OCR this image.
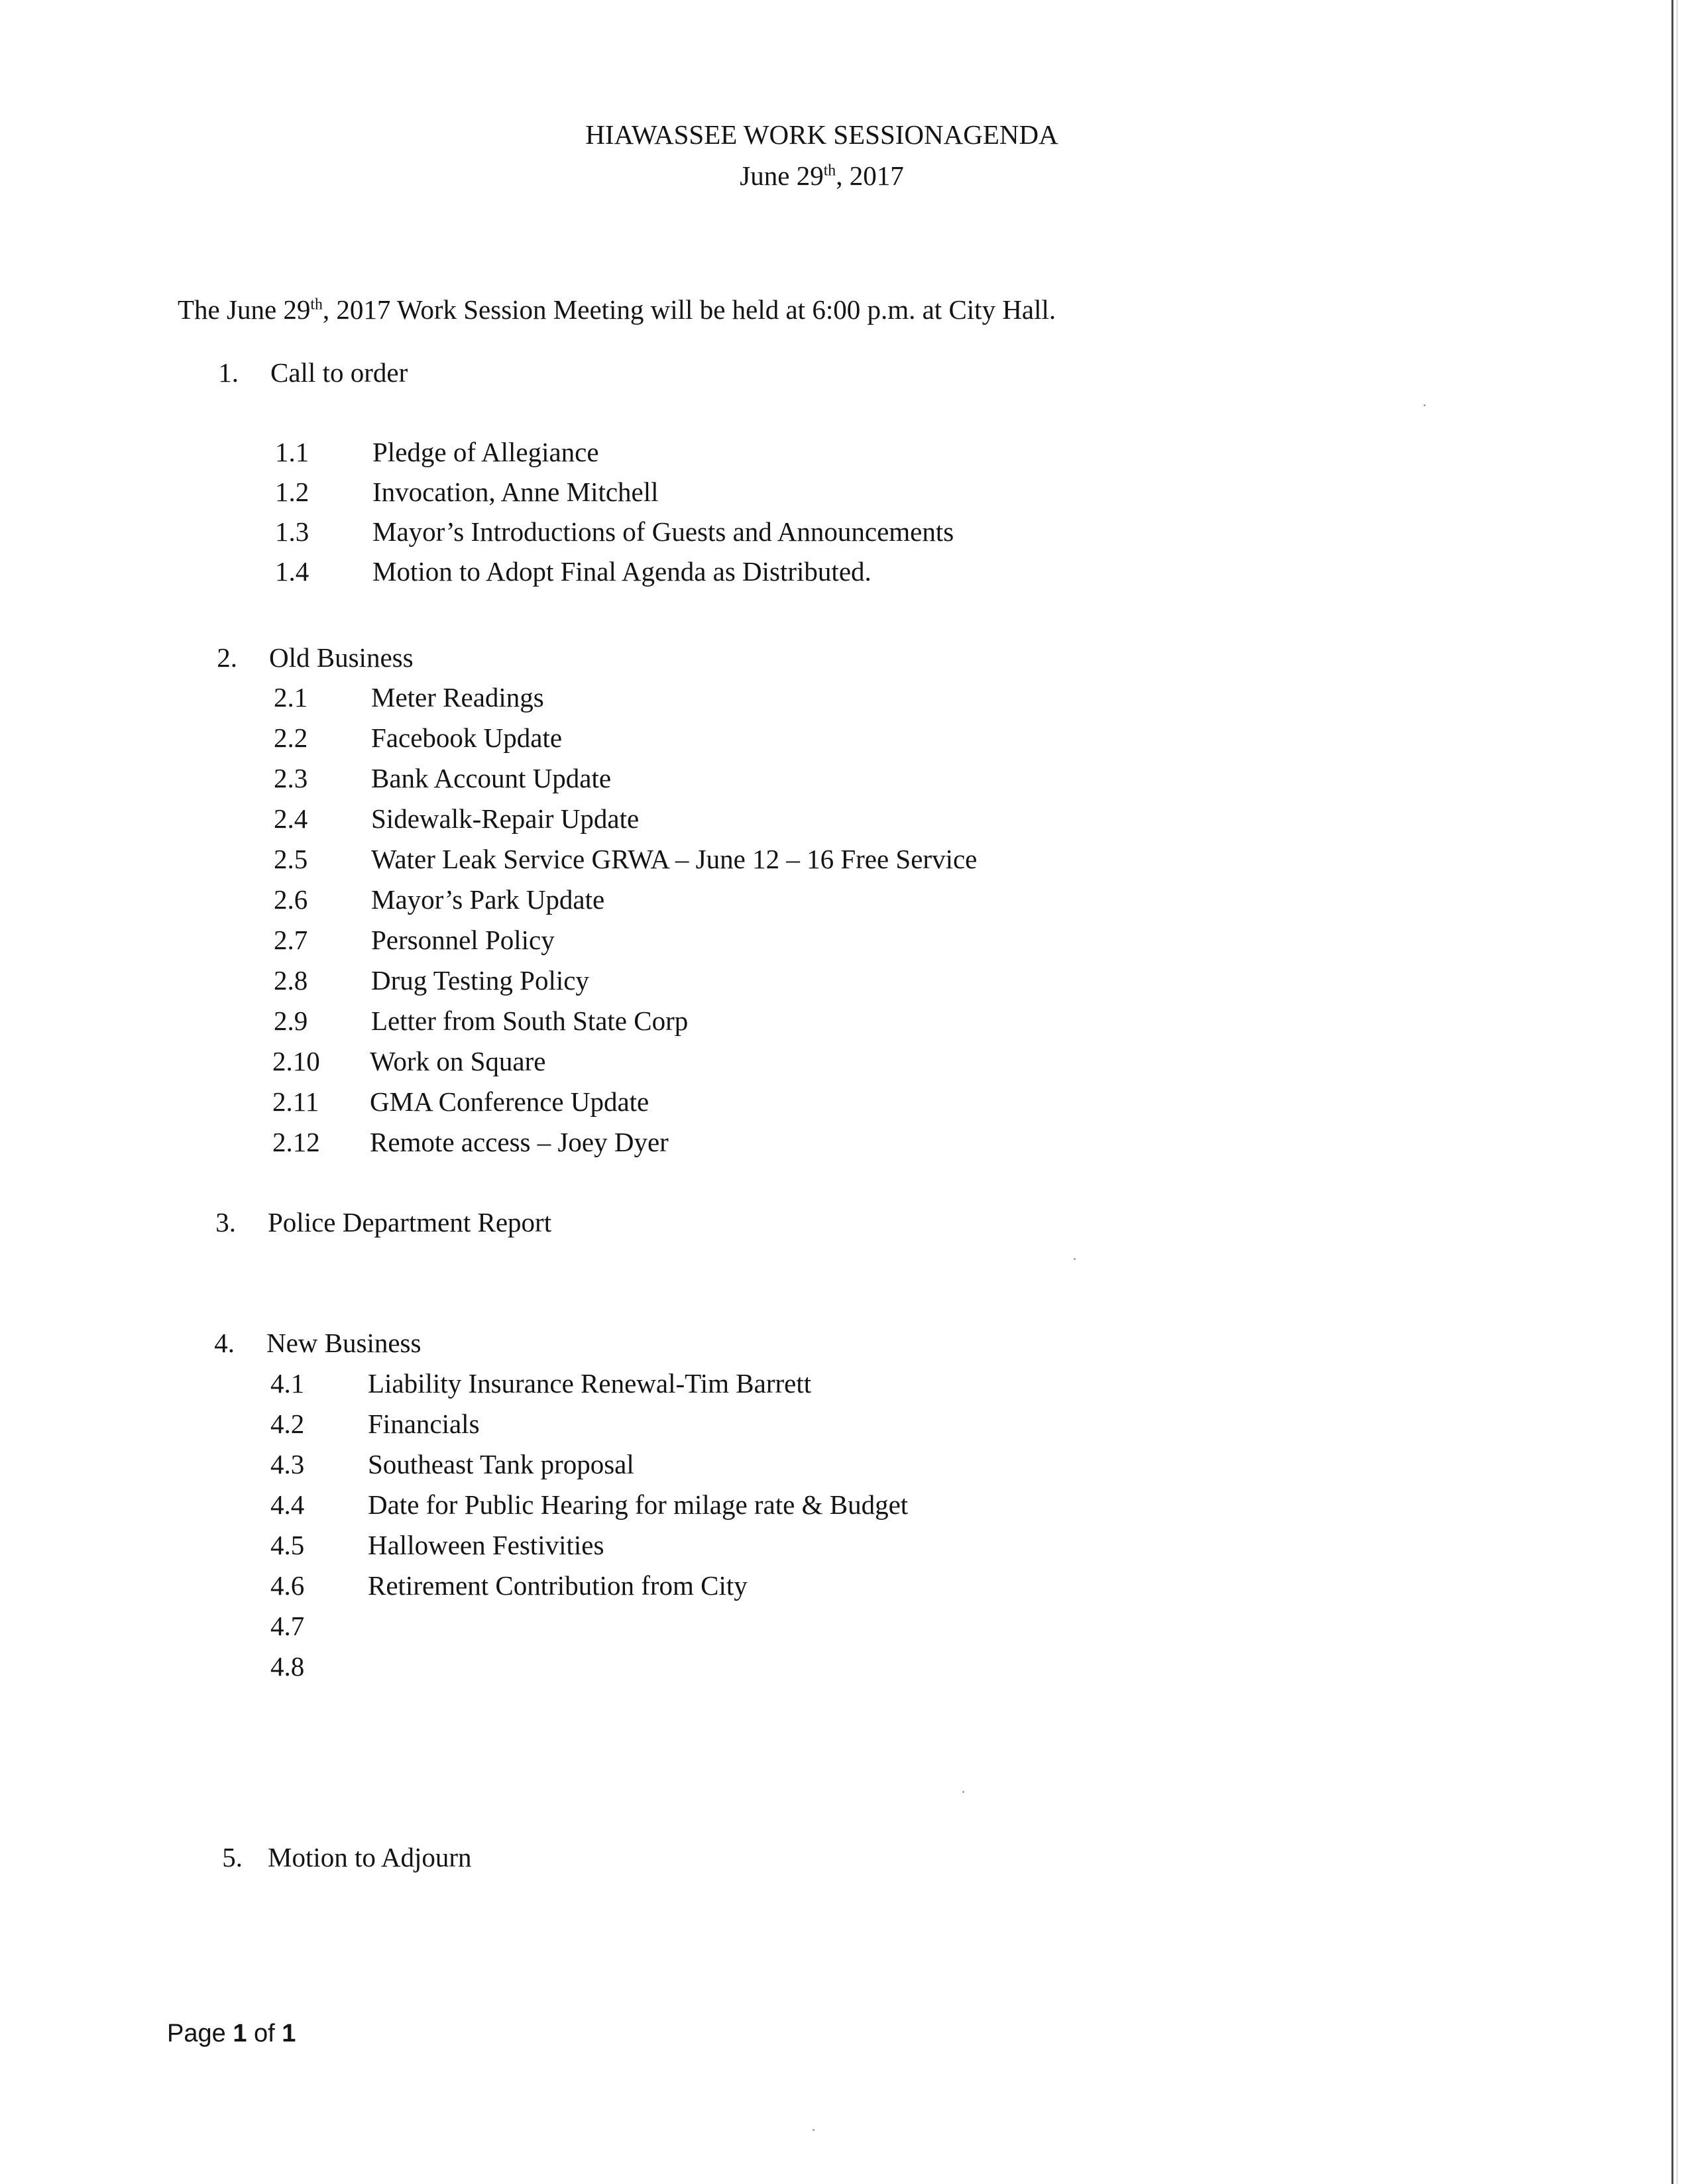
HIAWASSEE WORK SESSIONAGENDA
June 29th, 2017
The June 29th, 2017 Work Session Meeting will be held at 6:00 p.m. at City Hall.
1. Call to order
1.1 Pledge of Allegiance
1.2 Invocation, Anne Mitchell
1.3 Mayor’s Introductions of Guests and Announcements
1.4 Motion to Adopt Final Agenda as Distributed.
2. Old Business
2.1 Meter Readings
2.2 Facebook Update
2.3 Bank Account Update
2.4 Sidewalk-Repair Update
2.5 Water Leak Service GRWA – June 12 – 16 Free Service
2.6 Mayor’s Park Update
2.7 Personnel Policy
2.8 Drug Testing Policy
2.9 Letter from South State Corp
2.10 Work on Square
2.11 GMA Conference Update
2.12 Remote access – Joey Dyer
3. Police Department Report
4. New Business
4.1 Liability Insurance Renewal-Tim Barrett
4.2 Financials
4.3 Southeast Tank proposal
4.4 Date for Public Hearing for milage rate & Budget
4.5 Halloween Festivities
4.6 Retirement Contribution from City
4.7
4.8
5. Motion to Adjourn
Page 1 of 1
